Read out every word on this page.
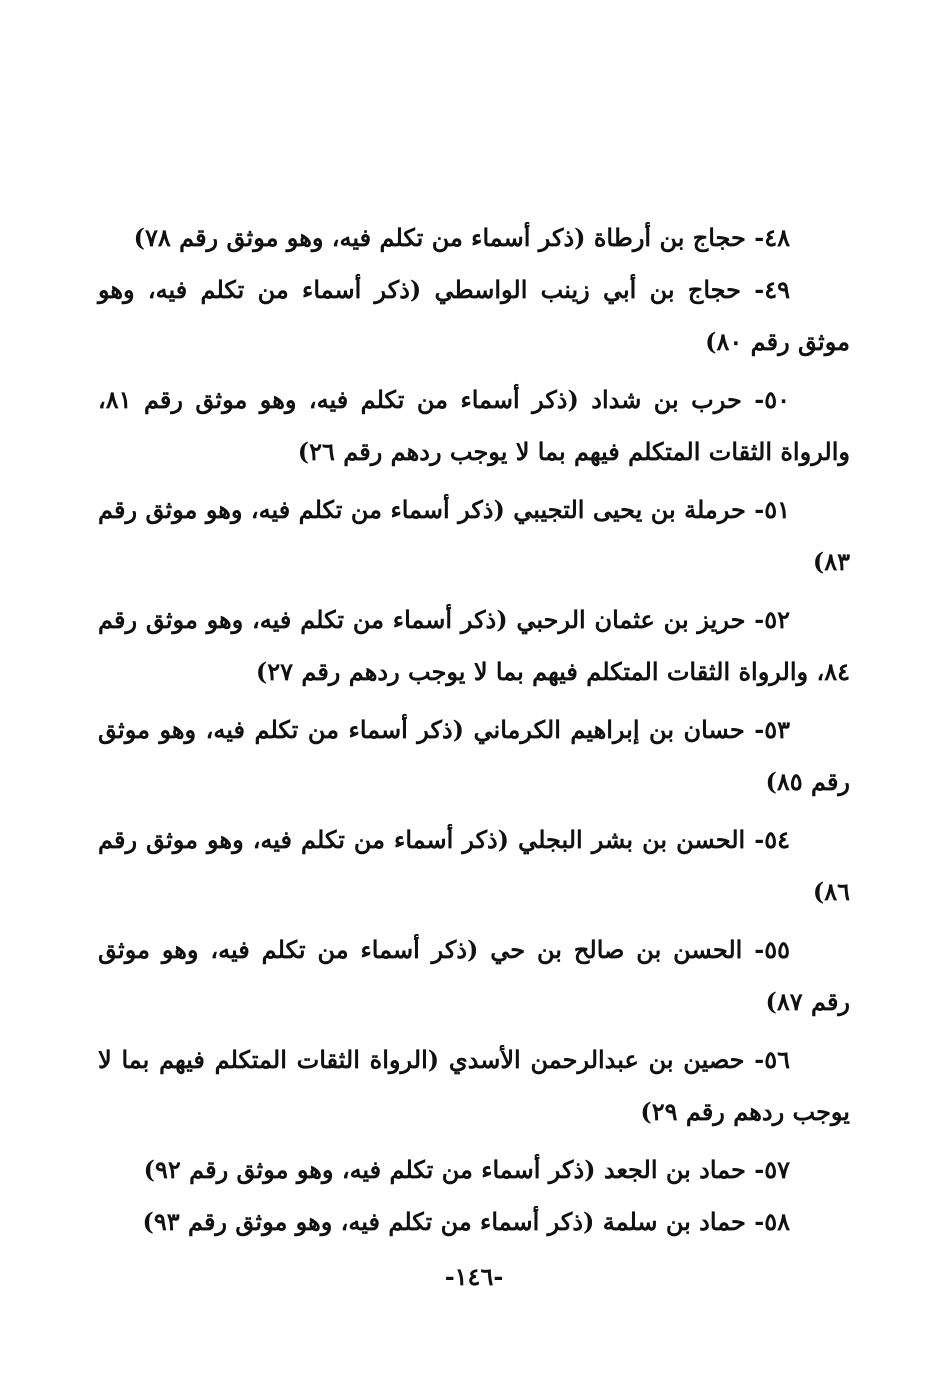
٤٨- حجاج بن أرطاة (ذكر أسماء من تكلم فيه، وهو موثق رقم ٧٨)

٤٩- حجاج بن أبي زينب الواسطي (ذكر أسماء من تكلم فيه، وهو موثق رقم ٨٠)

٥٠- حرب بن شداد (ذكر أسماء من تكلم فيه، وهو موثق رقم ٨١، والرواة الثقات المتكلم فيهم بما لا يوجب ردهم رقم ٢٦)

٥١- حرملة بن يحيى التجيبي (ذكر أسماء من تكلم فيه، وهو موثق رقم ٨٣)

٥٢- حريز بن عثمان الرحبي (ذكر أسماء من تكلم فيه، وهو موثق رقم ٨٤، والرواة الثقات المتكلم فيهم بما لا يوجب ردهم رقم ٢٧)

٥٣- حسان بن إبراهيم الكرماني (ذكر أسماء من تكلم فيه، وهو موثق رقم ٨٥)

٥٤- الحسن بن بشر البجلي (ذكر أسماء من تكلم فيه، وهو موثق رقم ٨٦)

٥٥- الحسن بن صالح بن حي (ذكر أسماء من تكلم فيه، وهو موثق رقم ٨٧)

٥٦- حصين بن عبدالرحمن الأسدي (الرواة الثقات المتكلم فيهم بما لا يوجب ردهم رقم ٢٩)

٥٧- حماد بن الجعد (ذكر أسماء من تكلم فيه، وهو موثق رقم ٩٢)

٥٨- حماد بن سلمة (ذكر أسماء من تكلم فيه، وهو موثق رقم ٩٣)

-١٤٦-
